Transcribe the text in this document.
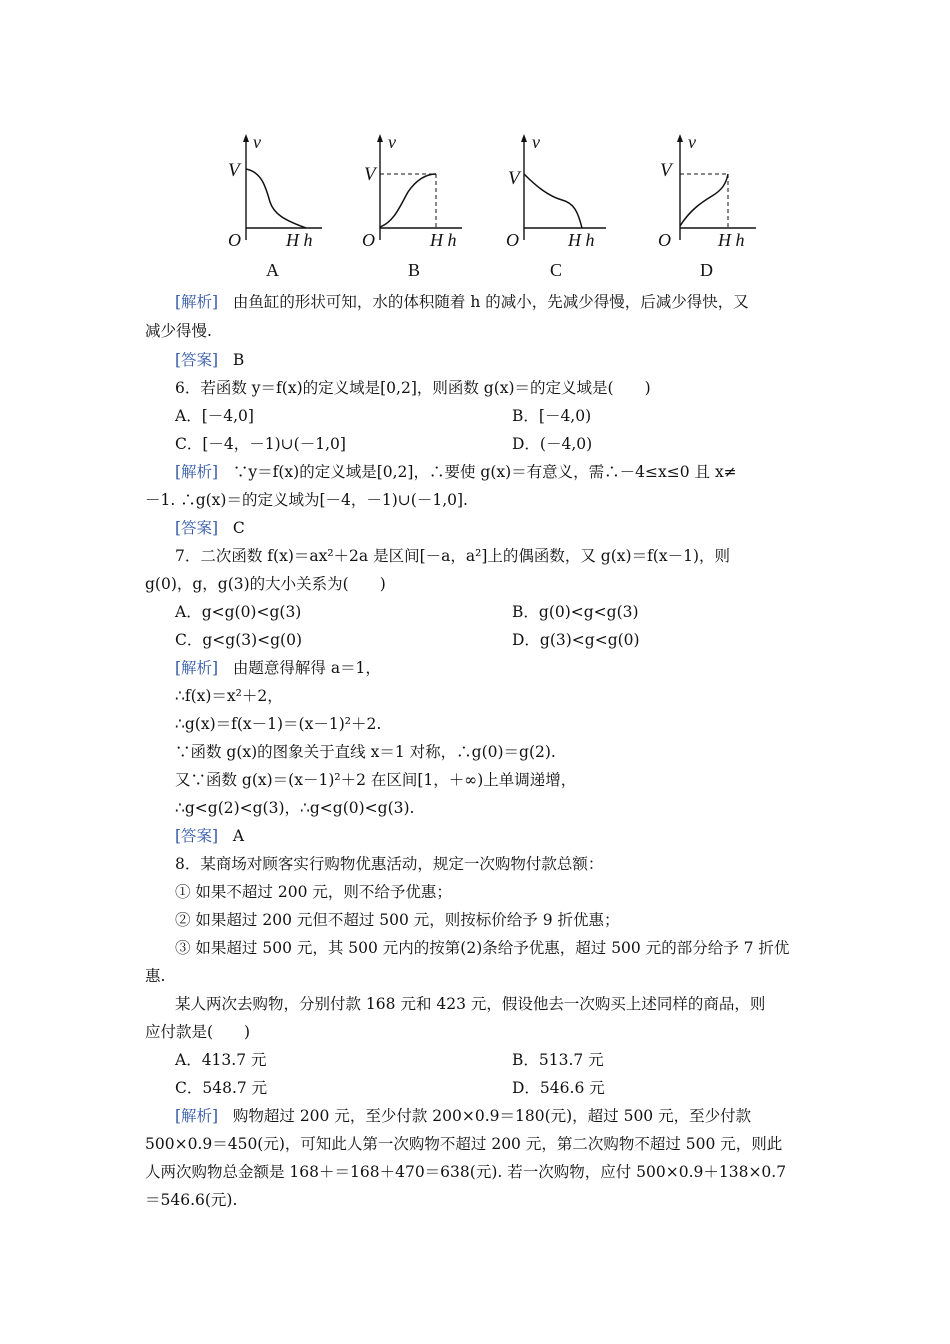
v
V
O	H h
A
v
V
O	H h
B
v
V
O	H h
C
v
V
O	H h
D
[解析] 由鱼缸的形状可知，水的体积随着 h 的减小，先减少得慢，后减少得快，又
减少得慢.
[答案] B
6．若函数 y＝f(x)的定义域是[0,2]，则函数 g(x)＝的定义域是(　　)
A．[－4,0]	B．[－4,0)
C．[－4，－1)∪(－1,0]	D．(－4,0)
[解析] ∵y＝f(x)的定义域是[0,2]，∴要使 g(x)＝有意义，需∴－4≤x≤0 且 x≠
－1. ∴g(x)＝的定义域为[－4，－1)∪(－1,0].
[答案] C
7．二次函数 f(x)＝ax²＋2a 是区间[－a，a²]上的偶函数，又 g(x)＝f(x－1)，则
g(0)，g，g(3)的大小关系为(　　)
A．g<g(0)<g(3)	B．g(0)<g<g(3)
C．g<g(3)<g(0)	D．g(3)<g<g(0)
[解析] 由题意得解得 a＝1，
∴f(x)＝x²＋2，
∴g(x)＝f(x－1)＝(x－1)²＋2.
∵函数 g(x)的图象关于直线 x＝1 对称，∴g(0)＝g(2).
又∵函数 g(x)＝(x－1)²＋2 在区间[1，＋∞)上单调递增，
∴g<g(2)<g(3)，∴g<g(0)<g(3).
[答案] A
8．某商场对顾客实行购物优惠活动，规定一次购物付款总额：
① 如果不超过 200 元，则不给予优惠；
② 如果超过 200 元但不超过 500 元，则按标价给予 9 折优惠；
③ 如果超过 500 元，其 500 元内的按第(2)条给予优惠，超过 500 元的部分给予 7 折优
惠.
某人两次去购物，分别付款 168 元和 423 元，假设他去一次购买上述同样的商品，则
应付款是(　　)
A．413.7 元	B．513.7 元
C．548.7 元	D．546.6 元
[解析] 购物超过 200 元，至少付款 200×0.9＝180(元)，超过 500 元，至少付款
500×0.9＝450(元)，可知此人第一次购物不超过 200 元，第二次购物不超过 500 元，则此
人两次购物总金额是 168＋＝168＋470＝638(元). 若一次购物，应付 500×0.9＋138×0.7
＝546.6(元).
